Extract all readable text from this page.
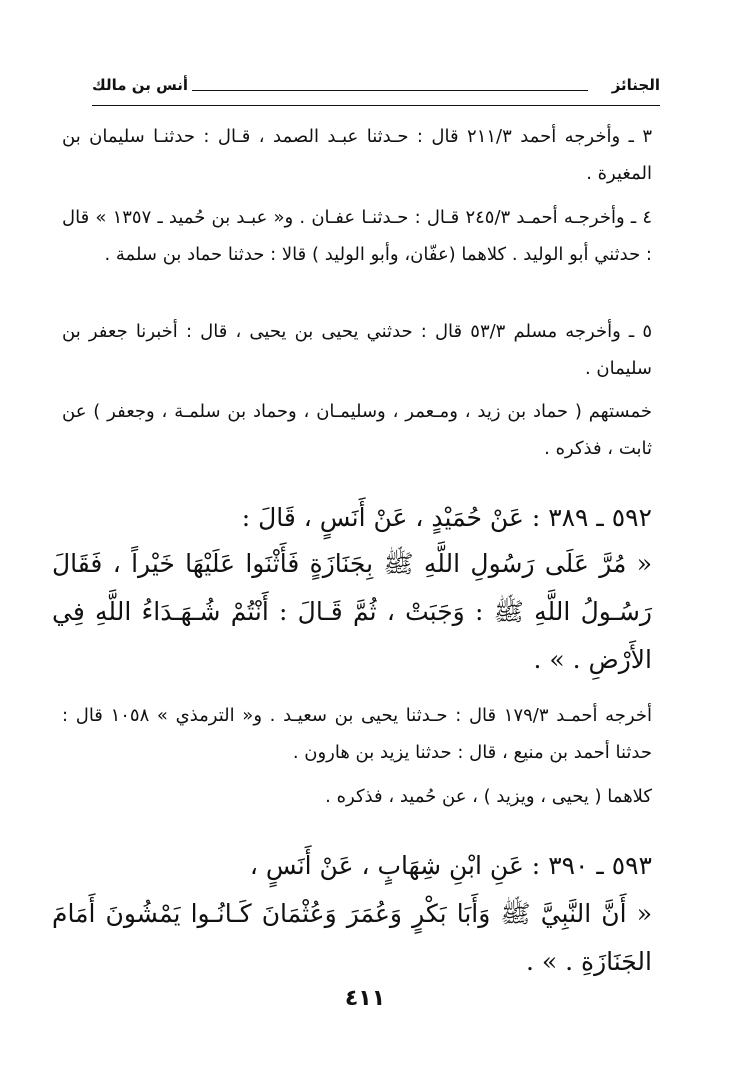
الجنائز
أنس بن مالك

٣ ـ وأخرجه أحمد ٢١١/٣ قال : حـدثنا عبـد الصمد ، قـال : حدثنـا سليمان بن المغيرة .

٤ ـ وأخرجـه أحمـد ٢٤٥/٣ قـال : حـدثنـا عفـان . و« عبـد بن حُميد ـ ١٣٥٧ » قال : حدثني أبو الوليد . كلاهما (عفّان، وأبو الوليد ) قالا : حدثنا حماد بن سلمة .

٥ ـ وأخرجه مسلم ٥٣/٣ قال : حدثني يحيى بن يحيى ، قال : أخبرنا جعفر بن سليمان .

خمستهم ( حماد بن زيد ، ومـعمر ، وسليمـان ، وحماد بن سلمـة ، وجعفر ) عن ثابت ، فذكره .

٥٩٢ ـ ٣٨٩ : عَنْ حُمَيْدٍ ، عَنْ أَنَسٍ ، قَالَ :

« مُرَّ عَلَى رَسُولِ اللَّهِ ﷺ بِجَنَازَةٍ فَأَثْنَوا عَلَيْهَا خَيْراً ، فَقَالَ رَسُـولُ اللَّهِ ﷺ : وَجَبَتْ ، ثُمَّ قَـالَ : أَنْتُمْ شُـهَـدَاءُ اللَّهِ فِي الأَرْضِ . » .

أخرجه أحمـد ١٧٩/٣ قال : حـدثنا يحيى بن سعيـد . و« الترمذي » ١٠٥٨ قال : حدثنا أحمد بن منيع ، قال : حدثنا يزيد بن هارون .

كلاهما ( يحيى ، ويزيد ) ، عن حُميد ، فذكره .

٥٩٣ ـ ٣٩٠ : عَنِ ابْنِ شِهَابٍ ، عَنْ أَنَسٍ ،

« أَنَّ النَّبِيَّ ﷺ وَأَبَا بَكْرٍ وَعُمَرَ وَعُثْمَانَ كَـانُـوا يَمْشُونَ أَمَامَ الجَنَازَةِ . » .

٤١١
